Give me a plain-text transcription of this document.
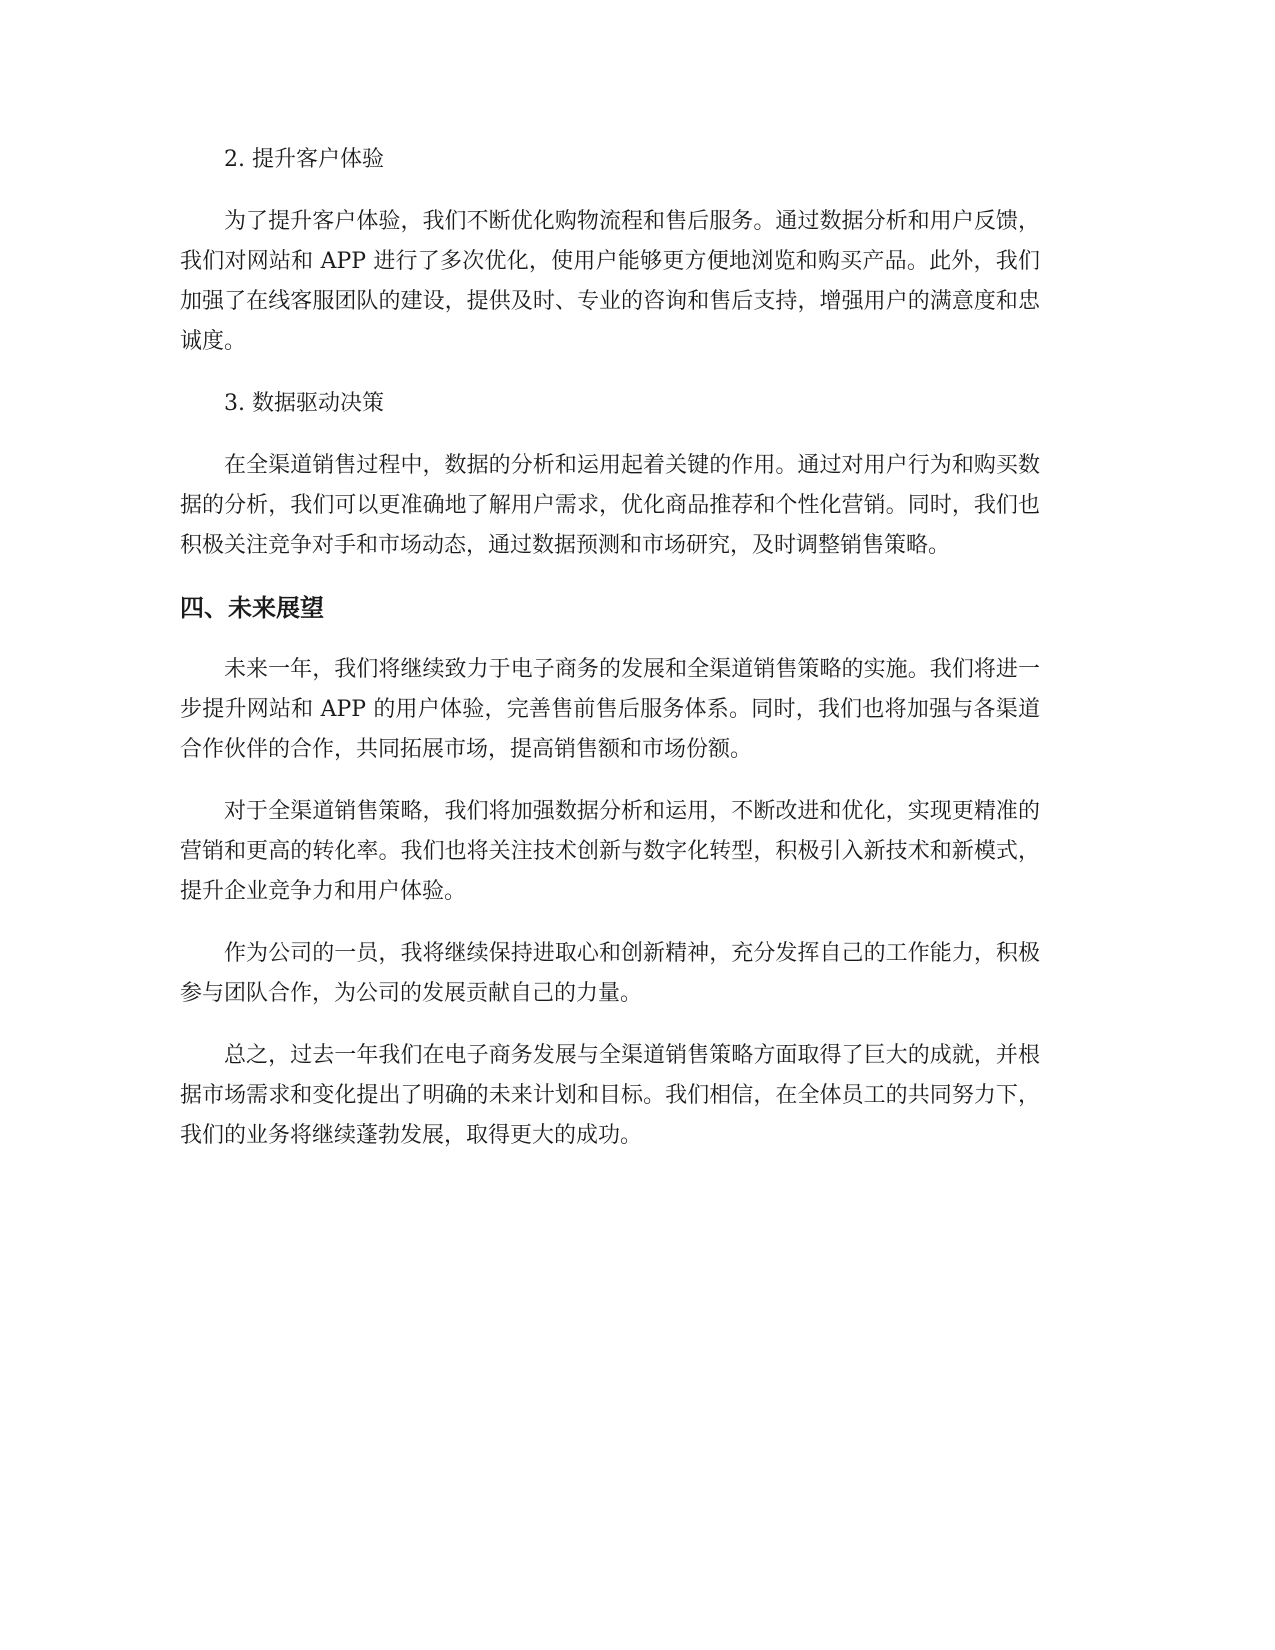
2. 提升客户体验

为了提升客户体验，我们不断优化购物流程和售后服务。通过数据分析和用户反馈，我们对网站和 APP 进行了多次优化，使用户能够更方便地浏览和购买产品。此外，我们加强了在线客服团队的建设，提供及时、专业的咨询和售后支持，增强用户的满意度和忠诚度。

3. 数据驱动决策

在全渠道销售过程中，数据的分析和运用起着关键的作用。通过对用户行为和购买数据的分析，我们可以更准确地了解用户需求，优化商品推荐和个性化营销。同时，我们也积极关注竞争对手和市场动态，通过数据预测和市场研究，及时调整销售策略。

四、未来展望

未来一年，我们将继续致力于电子商务的发展和全渠道销售策略的实施。我们将进一步提升网站和 APP 的用户体验，完善售前售后服务体系。同时，我们也将加强与各渠道合作伙伴的合作，共同拓展市场，提高销售额和市场份额。

对于全渠道销售策略，我们将加强数据分析和运用，不断改进和优化，实现更精准的营销和更高的转化率。我们也将关注技术创新与数字化转型，积极引入新技术和新模式，提升企业竞争力和用户体验。

作为公司的一员，我将继续保持进取心和创新精神，充分发挥自己的工作能力，积极参与团队合作，为公司的发展贡献自己的力量。

总之，过去一年我们在电子商务发展与全渠道销售策略方面取得了巨大的成就，并根据市场需求和变化提出了明确的未来计划和目标。我们相信，在全体员工的共同努力下，我们的业务将继续蓬勃发展，取得更大的成功。
